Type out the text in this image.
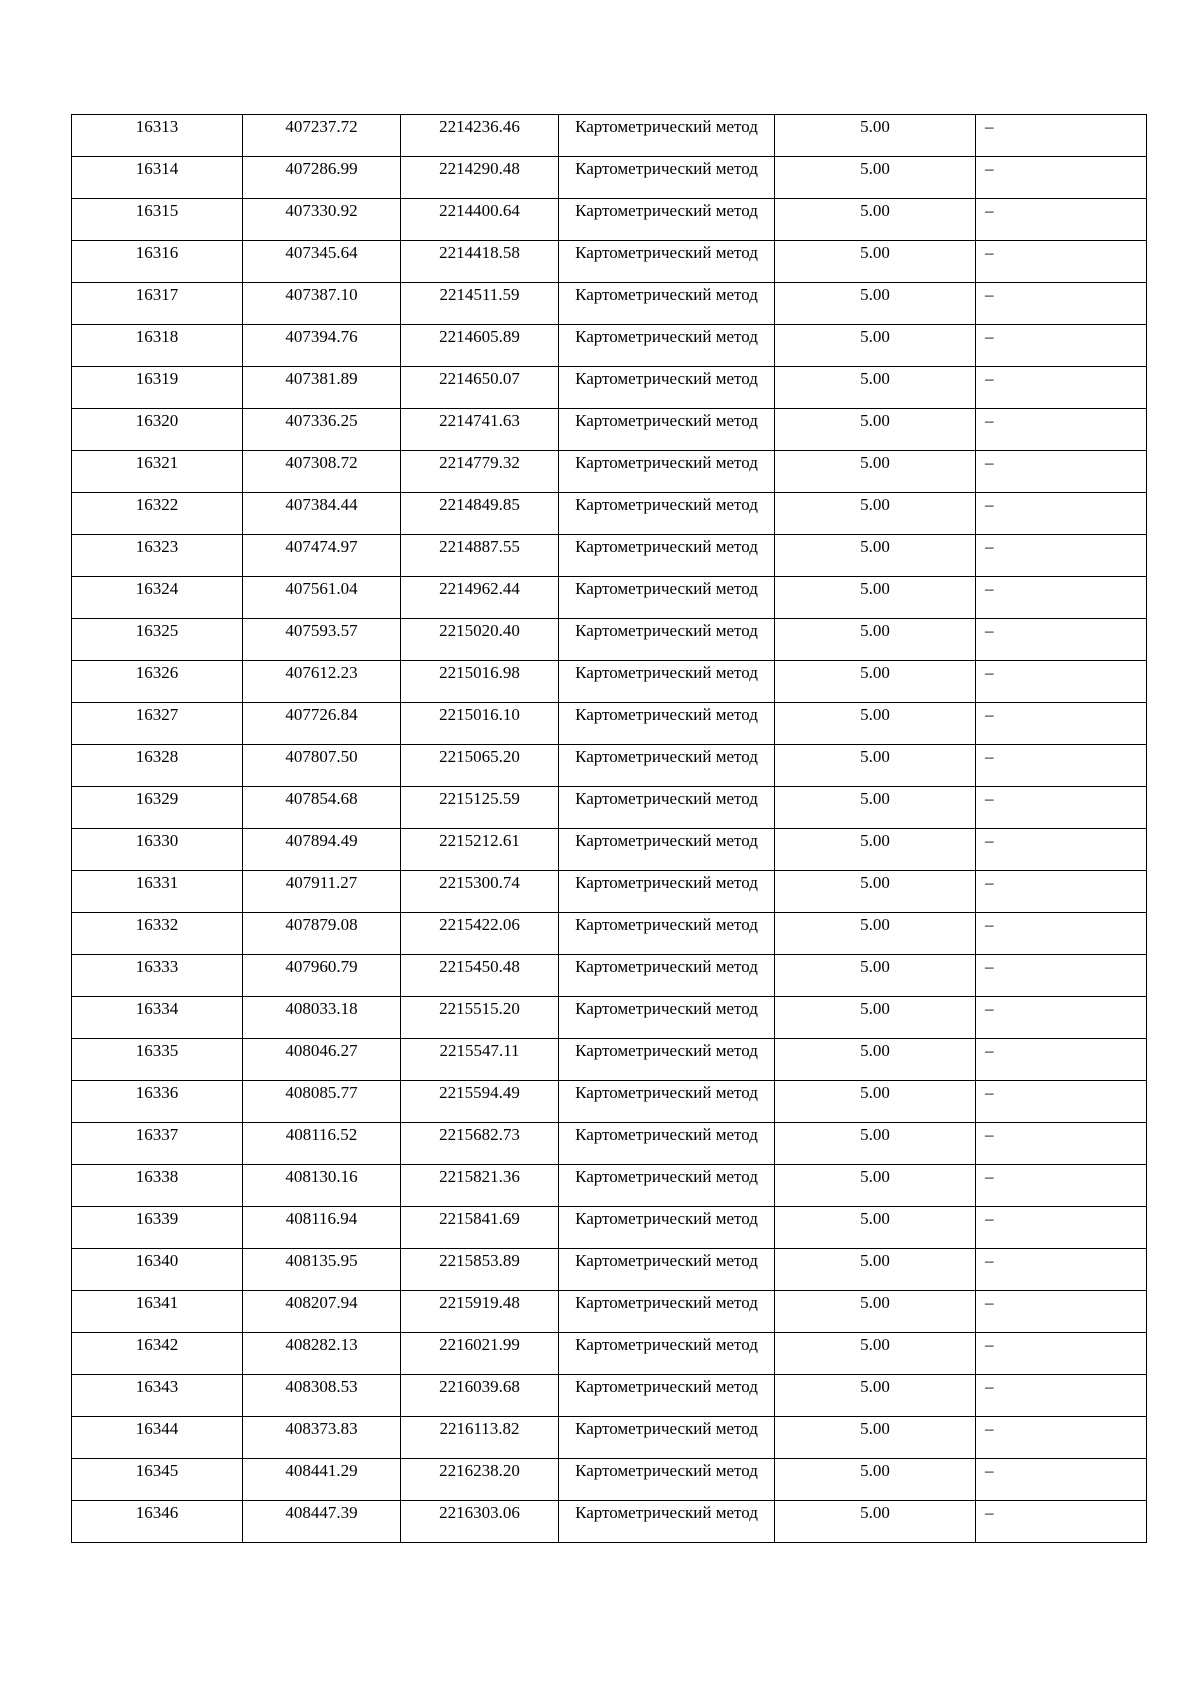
16313	407237.72	2214236.46	Картометрический метод	5.00	–
16314	407286.99	2214290.48	Картометрический метод	5.00	–
16315	407330.92	2214400.64	Картометрический метод	5.00	–
16316	407345.64	2214418.58	Картометрический метод	5.00	–
16317	407387.10	2214511.59	Картометрический метод	5.00	–
16318	407394.76	2214605.89	Картометрический метод	5.00	–
16319	407381.89	2214650.07	Картометрический метод	5.00	–
16320	407336.25	2214741.63	Картометрический метод	5.00	–
16321	407308.72	2214779.32	Картометрический метод	5.00	–
16322	407384.44	2214849.85	Картометрический метод	5.00	–
16323	407474.97	2214887.55	Картометрический метод	5.00	–
16324	407561.04	2214962.44	Картометрический метод	5.00	–
16325	407593.57	2215020.40	Картометрический метод	5.00	–
16326	407612.23	2215016.98	Картометрический метод	5.00	–
16327	407726.84	2215016.10	Картометрический метод	5.00	–
16328	407807.50	2215065.20	Картометрический метод	5.00	–
16329	407854.68	2215125.59	Картометрический метод	5.00	–
16330	407894.49	2215212.61	Картометрический метод	5.00	–
16331	407911.27	2215300.74	Картометрический метод	5.00	–
16332	407879.08	2215422.06	Картометрический метод	5.00	–
16333	407960.79	2215450.48	Картометрический метод	5.00	–
16334	408033.18	2215515.20	Картометрический метод	5.00	–
16335	408046.27	2215547.11	Картометрический метод	5.00	–
16336	408085.77	2215594.49	Картометрический метод	5.00	–
16337	408116.52	2215682.73	Картометрический метод	5.00	–
16338	408130.16	2215821.36	Картометрический метод	5.00	–
16339	408116.94	2215841.69	Картометрический метод	5.00	–
16340	408135.95	2215853.89	Картометрический метод	5.00	–
16341	408207.94	2215919.48	Картометрический метод	5.00	–
16342	408282.13	2216021.99	Картометрический метод	5.00	–
16343	408308.53	2216039.68	Картометрический метод	5.00	–
16344	408373.83	2216113.82	Картометрический метод	5.00	–
16345	408441.29	2216238.20	Картометрический метод	5.00	–
16346	408447.39	2216303.06	Картометрический метод	5.00	–
